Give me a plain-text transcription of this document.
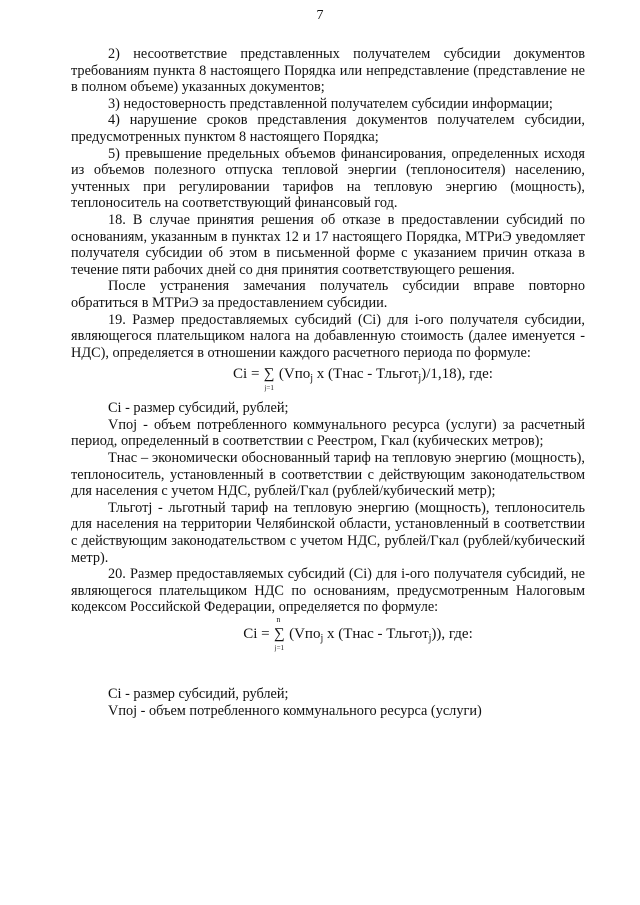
7

2) несоответствие представленных получателем субсидии документов требованиям пункта 8 настоящего Порядка или непредставление (представление не в полном объеме) указанных документов;

3) недостоверность представленной получателем субсидии информации;

4) нарушение сроков представления документов получателем субсидии, предусмотренных пунктом 8 настоящего Порядка;

5) превышение предельных объемов финансирования, определенных исходя из объемов полезного отпуска тепловой энергии (теплоносителя) населению, учтенных при регулировании тарифов на тепловую энергию (мощность), теплоноситель на соответствующий финансовый год.

18. В случае принятия решения об отказе в предоставлении субсидий по основаниям, указанным в пунктах 12 и 17 настоящего Порядка, МТРиЭ уведомляет получателя субсидии об этом в письменной форме с указанием причин отказа в течение пяти рабочих дней со дня принятия соответствующего решения.

После устранения замечания получатель субсидии вправе повторно обратиться в МТРиЭ за предоставлением субсидии.

19. Размер предоставляемых субсидий (Ci) для i-ого получателя субсидии, являющегося плательщиком налога на добавленную стоимость (далее именуется - НДС), определяется в отношении каждого расчетного периода по формуле:

Ci = ∑
j=1
(Vпо$_j$ x (Тнас - Тльгот$_j$)/1,18), где:

Ci - размер субсидий, рублей;

Vпоj - объем потребленного коммунального ресурса (услуги) за расчетный период, определенный в соответствии с Реестром, Гкал (кубических метров);

Тнас – экономически обоснованный тариф на тепловую энергию (мощность), теплоноситель, установленный в соответствии с действующим законодательством для населения с учетом НДС, рублей/Гкал (рублей/кубический метр);

Тльготj - льготный тариф на тепловую энергию (мощность), теплоноситель для населения на территории Челябинской области, установленный в соответствии с действующим законодательством с учетом НДС, рублей/Гкал (рублей/кубический метр).

20. Размер предоставляемых субсидий (Ci) для i-ого получателя субсидий, не являющегося плательщиком НДС по основаниям, предусмотренным Налоговым кодексом Российской Федерации, определяется по формуле:

Ci =
n
∑
j=1
(Vпо$_j$ x (Тнас - Тльгот$_j$)), где:

Ci - размер субсидий, рублей;

Vпоj - объем потребленного коммунального ресурса (услуги)
